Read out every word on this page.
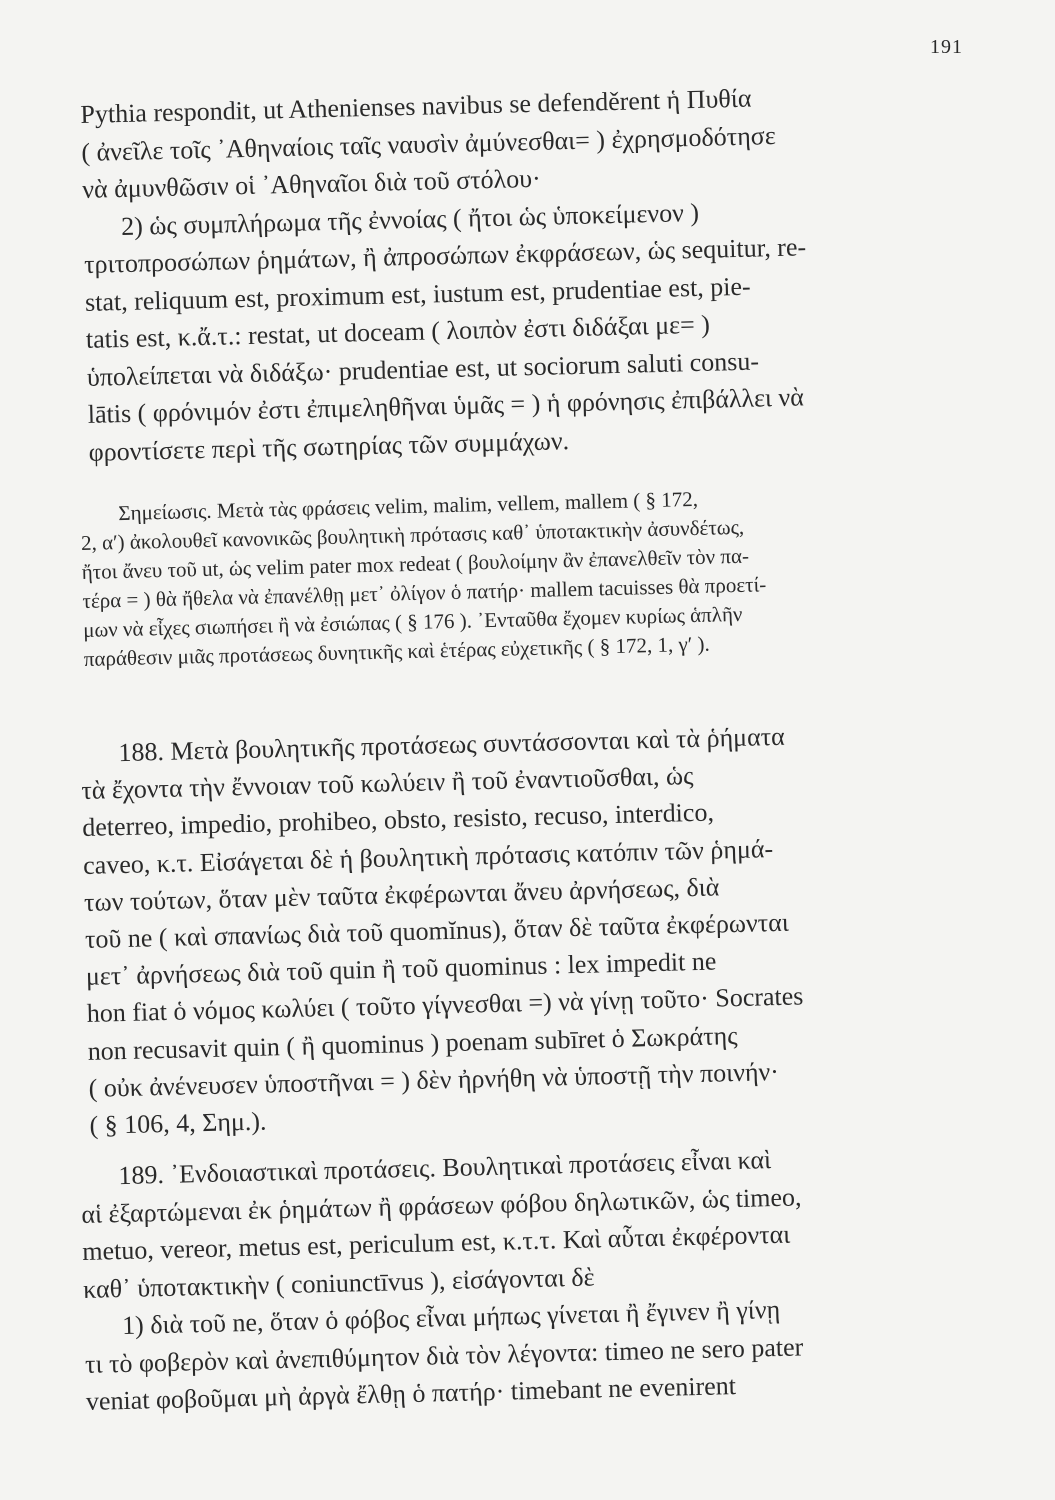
191
Pythia respondit, ut Athenienses navibus se defenděrent ἡ Πυθία
( ἀνεῖλε τοῖς ᾿Αθηναίοις ταῖς ναυσὶν ἀμύνεσθαι= ) ἐχρησμοδότησε
νὰ ἀμυνθῶσιν οἱ ᾿Αθηναῖοι διὰ τοῦ στόλου·
2) ὡς συμπλήρωμα τῆς ἐννοίας ( ἤτοι ὡς ὑποκείμενον )
τριτοπροσώπων ῥημάτων, ἢ ἀπροσώπων ἐκφράσεων, ὡς sequitur, re-
stat, reliquum est, proximum est, iustum est, prudentiae est, pie-
tatis est, κ.ἄ.τ.: restat, ut doceam ( λοιπὸν ἐστι διδάξαι με= )
ὑπολείπεται νὰ διδάξω· prudentiae est, ut sociorum saluti consu-
lātis ( φρόνιμόν ἐστι ἐπιμεληθῆναι ὑμᾶς = ) ἡ φρόνησις ἐπιβάλλει νὰ
φροντίσετε περὶ τῆς σωτηρίας τῶν συμμάχων.
Σημείωσις. Μετὰ τὰς φράσεις velim, malim, vellem, mallem ( § 172,
2, α′) ἀκολουθεῖ κανονικῶς βουλητικὴ πρότασις καθ᾿ ὑποτακτικὴν ἀσυνδέτως,
ἤτοι ἄνευ τοῦ ut, ὡς velim pater mox redeat ( βουλοίμην ἂν ἐπανελθεῖν τὸν πα-
τέρα = ) θὰ ἤθελα νὰ ἐπανέλθῃ μετ᾿ ὀλίγον ὁ πατήρ· mallem tacuisses θὰ προετί-
μων νὰ εἶχες σιωπήσει ἢ νὰ ἐσιώπας ( § 176 ). ᾿Ενταῦθα ἔχομεν κυρίως ἁπλῆν
παράθεσιν μιᾶς προτάσεως δυνητικῆς καὶ ἑτέρας εὐχετικῆς ( § 172, 1, γ′ ).
188. Μετὰ βουλητικῆς προτάσεως συντάσσονται καὶ τὰ ῥήματα
τὰ ἔχοντα τὴν ἔννοιαν τοῦ κωλύειν ἢ τοῦ ἐναντιοῦσθαι, ὡς
deterreo, impedio, prohibeo, obsto, resisto, recuso, interdico,
caveo, κ.τ. Εἰσάγεται δὲ ἡ βουλητικὴ πρότασις κατόπιν τῶν ῥημά-
των τούτων, ὅταν μὲν ταῦτα ἐκφέρωνται ἄνευ ἀρνήσεως, διὰ
τοῦ ne ( καὶ σπανίως διὰ τοῦ quomĭnus), ὅταν δὲ ταῦτα ἐκφέρωνται
μετ᾿ ἀρνήσεως διὰ τοῦ quin ἢ τοῦ quominus : lex impedit ne
hon fiat ὁ νόμος κωλύει ( τοῦτο γίγνεσθαι =) νὰ γίνῃ τοῦτο· Socrates
non recusavit quin ( ἢ quominus ) poenam subīret ὁ Σωκράτης
( οὐκ ἀνένευσεν ὑποστῆναι = ) δὲν ἠρνήθη νὰ ὑποστῇ τὴν ποινήν·
( § 106, 4, Σημ.).
189. ᾿Ενδοιαστικαὶ προτάσεις. Βουλητικαὶ προτάσεις εἶναι καὶ
αἱ ἐξαρτώμεναι ἐκ ῥημάτων ἢ φράσεων φόβου δηλωτικῶν, ὡς timeo,
metuo, vereor, metus est, periculum est, κ.τ.τ. Καὶ αὗται ἐκφέρονται
καθ᾿ ὑποτακτικὴν ( coniunctīvus ), εἰσάγονται δὲ
1) διὰ τοῦ ne, ὅταν ὁ φόβος εἶναι μήπως γίνεται ἢ ἔγινεν ἢ γίνῃ
τι τὸ φοβερὸν καὶ ἀνεπιθύμητον διὰ τὸν λέγοντα: timeo ne sero pater
veniat φοβοῦμαι μὴ ἀργὰ ἔλθῃ ὁ πατήρ· timebant ne evenirent
